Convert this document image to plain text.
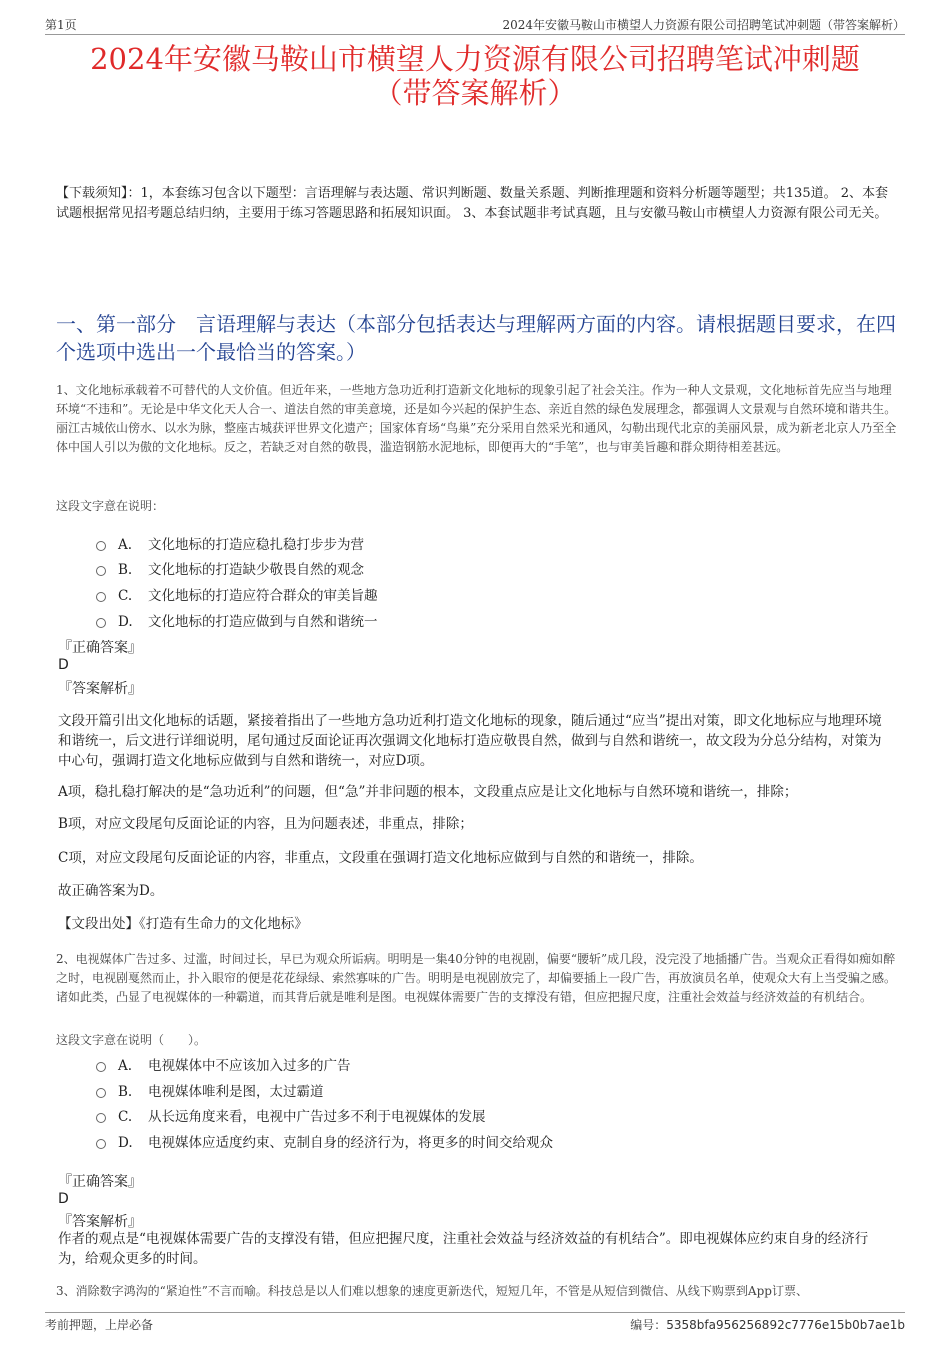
第1页	2024年安徽马鞍山市横望人力资源有限公司招聘笔试冲刺题（带答案解析）
2024年安徽马鞍山市横望人力资源有限公司招聘笔试冲刺题
（带答案解析）
【下载须知】：1，本套练习包含以下题型：言语理解与表达题、常识判断题、数量关系题、判断推理题和资料分析题等题型；共135道。 2、本套试题根据常见招考题总结归纳，主要用于练习答题思路和拓展知识面。 3、本套试题非考试真题，且与安徽马鞍山市横望人力资源有限公司无关。
一、第一部分　言语理解与表达（本部分包括表达与理解两方面的内容。请根据题目要求，在四个选项中选出一个最恰当的答案。）
1、文化地标承载着不可替代的人文价值。但近年来，一些地方急功近利打造新文化地标的现象引起了社会关注。作为一种人文景观，文化地标首先应当与地理环境“不违和”。无论是中华文化天人合一、道法自然的审美意境，还是如今兴起的保护生态、亲近自然的绿色发展理念，都强调人文景观与自然环境和谐共生。丽江古城依山傍水、以水为脉，整座古城获评世界文化遗产；国家体育场“鸟巢”充分采用自然采光和通风，勾勒出现代北京的美丽风景，成为新老北京人乃至全体中国人引以为傲的文化地标。反之，若缺乏对自然的敬畏，滥造钢筋水泥地标，即便再大的“手笔”，也与审美旨趣和群众期待相差甚远。
这段文字意在说明：
A. 文化地标的打造应稳扎稳打步步为营
B. 文化地标的打造缺少敬畏自然的观念
C. 文化地标的打造应符合群众的审美旨趣
D. 文化地标的打造应做到与自然和谐统一
『正确答案』
D
『答案解析』
文段开篇引出文化地标的话题，紧接着指出了一些地方急功近利打造文化地标的现象，随后通过“应当”提出对策，即文化地标应与地理环境和谐统一，后文进行详细说明，尾句通过反面论证再次强调文化地标打造应敬畏自然，做到与自然和谐统一，故文段为分总分结构，对策为中心句，强调打造文化地标应做到与自然和谐统一，对应D项。
A项，稳扎稳打解决的是“急功近利”的问题，但“急”并非问题的根本，文段重点应是让文化地标与自然环境和谐统一，排除；
B项，对应文段尾句反面论证的内容，且为问题表述，非重点，排除；
C项，对应文段尾句反面论证的内容，非重点，文段重在强调打造文化地标应做到与自然的和谐统一，排除。
故正确答案为D。
【文段出处】《打造有生命力的文化地标》
2、电视媒体广告过多、过滥，时间过长，早已为观众所诟病。明明是一集40分钟的电视剧，偏要“腰斩”成几段，没完没了地插播广告。当观众正看得如痴如醉之时，电视剧戛然而止，扑入眼帘的便是花花绿绿、索然寡味的广告。明明是电视剧放完了，却偏要插上一段广告，再放演员名单，使观众大有上当受骗之感。诸如此类，凸显了电视媒体的一种霸道，而其背后就是唯利是图。电视媒体需要广告的支撑没有错，但应把握尺度，注重社会效益与经济效益的有机结合。
这段文字意在说明（　　）。
A. 电视媒体中不应该加入过多的广告
B. 电视媒体唯利是图，太过霸道
C. 从长远角度来看，电视中广告过多不利于电视媒体的发展
D. 电视媒体应适度约束、克制自身的经济行为，将更多的时间交给观众
『正确答案』
D
『答案解析』
作者的观点是“电视媒体需要广告的支撑没有错，但应把握尺度，注重社会效益与经济效益的有机结合”。即电视媒体应约束自身的经济行为，给观众更多的时间。
3、消除数字鸿沟的“紧迫性”不言而喻。科技总是以人们难以想象的速度更新迭代，短短几年，不管是从短信到微信、从线下购票到App订票、
考前押题，上岸必备	编号：5358bfa956256892c7776e15b0b7ae1b
